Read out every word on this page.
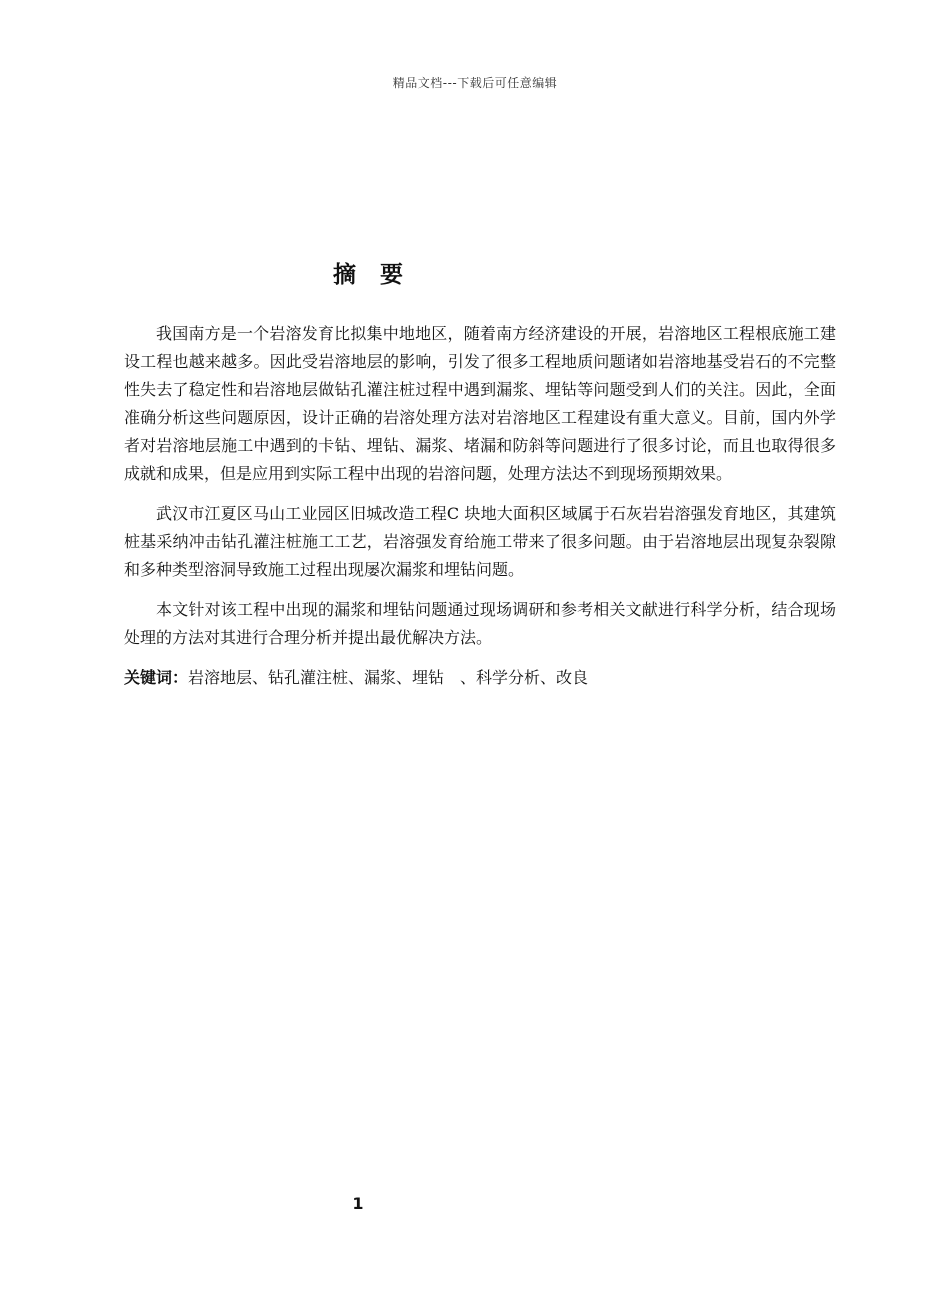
精品文档---下载后可任意编辑
摘 要

我国南方是一个岩溶发育比拟集中地地区，随着南方经济建设的开展，岩溶地区工程根底施工建设工程也越来越多。因此受岩溶地层的影响，引发了很多工程地质问题诸如岩溶地基受岩石的不完整性失去了稳定性和岩溶地层做钻孔灌注桩过程中遇到漏浆、埋钻等问题受到人们的关注。因此，全面准确分析这些问题原因，设计正确的岩溶处理方法对岩溶地区工程建设有重大意义。目前，国内外学者对岩溶地层施工中遇到的卡钻、埋钻、漏浆、堵漏和防斜等问题进行了很多讨论，而且也取得很多成就和成果，但是应用到实际工程中出现的岩溶问题，处理方法达不到现场预期效果。

武汉市江夏区马山工业园区旧城改造工程C 块地大面积区域属于石灰岩岩溶强发育地区，其建筑桩基采纳冲击钻孔灌注桩施工工艺，岩溶强发育给施工带来了很多问题。由于岩溶地层出现复杂裂隙和多种类型溶洞导致施工过程出现屡次漏浆和埋钻问题。

本文针对该工程中出现的漏浆和埋钻问题通过现场调研和参考相关文献进行科学分析，结合现场处理的方法对其进行合理分析并提出最优解决方法。

关键词：岩溶地层、钻孔灌注桩、漏浆、埋钻　、科学分析、改良
1
